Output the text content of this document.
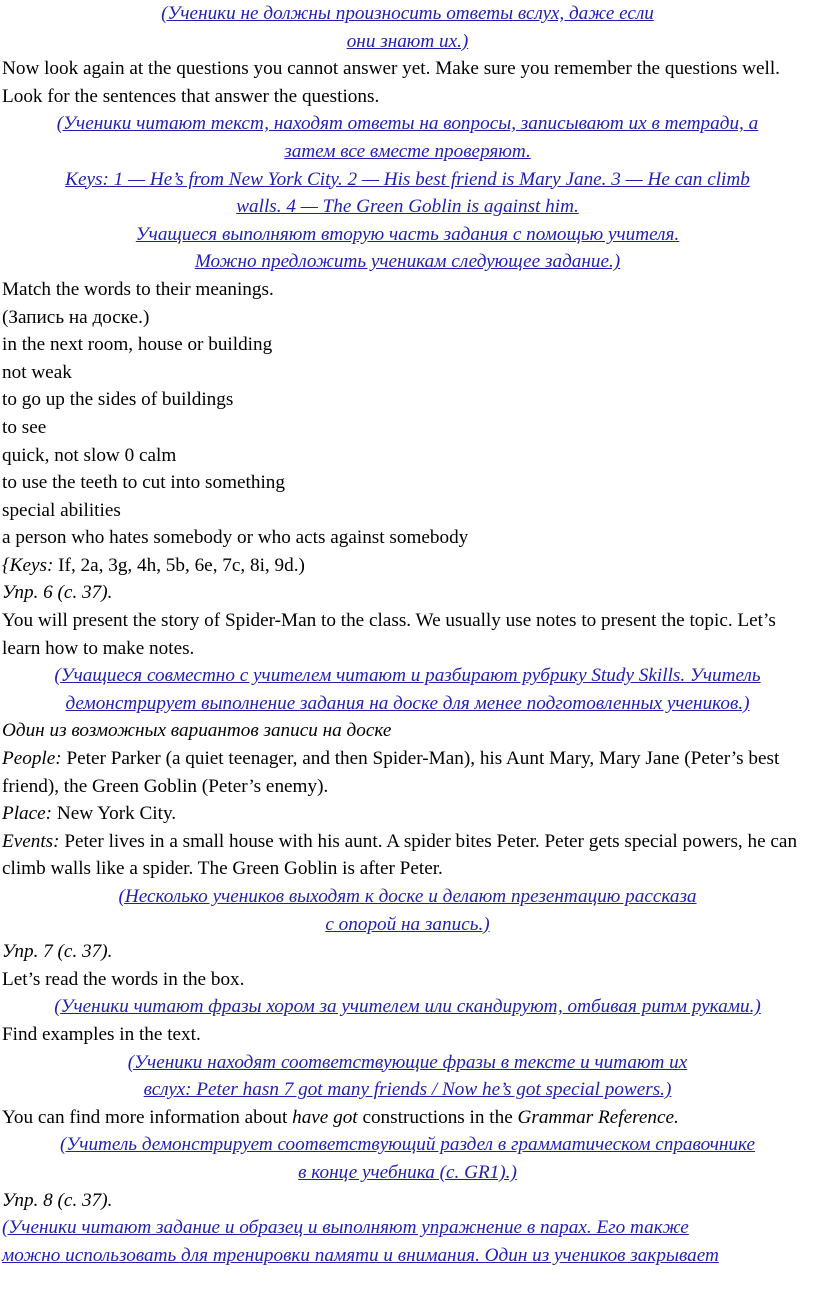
(Ученики не должны произносить ответы вслух, даже если
они знают их.)

Now look again at the questions you cannot answer yet. Make sure you remember the questions well. Look for the sentences that answer the questions.

(Ученики читают текст, находят ответы на вопросы, записывают их в тетради, а
затем все вместе проверяют.

Keys: 1 — He’s from New York City. 2 — His best friend is Mary Jane. 3 — He can climb
walls. 4 — The Green Goblin is against him.

Учащиеся выполняют вторую часть задания с помощью учителя.
Можно предложить ученикам следующее задание.)

Match the words to their meanings.

(Запись на доске.)

in the next room, house or building

not weak

to go up the sides of buildings

to see

quick, not slow 0 calm

to use the teeth to cut into something

special abilities

a person who hates somebody or who acts against somebody

{Keys: If, 2a, 3g, 4h, 5b, 6e, 7c, 8i, 9d.)

Упр. 6 (с. 37).

You will present the story of Spider-Man to the class. We usually use notes to present the topic. Let’s learn how to make notes.

(Учащиеся совместно с учителем читают и разбирают рубрику Study Skills. Учитель
демонстрирует выполнение задания на доске для менее подготовленных учеников.)

Один из возможных вариантов записи на доске

People: Peter Parker (a quiet teenager, and then Spider-Man), his Aunt Mary, Mary Jane (Peter’s best friend), the Green Goblin (Peter’s enemy).

Place: New York City.

Events: Peter lives in a small house with his aunt. A spider bites Peter. Peter gets special powers, he can climb walls like a spider. The Green Goblin is after Peter.

(Несколько учеников выходят к доске и делают презентацию рассказа
с опорой на запись.)

Упр. 7 (с. 37).

Let’s read the words in the box.

(Ученики читают фразы хором за учителем или скандируют, отбивая ритм руками.)

Find examples in the text.

(Ученики находят соответствующие фразы в тексте и читают их
вслух: Peter hasn 7 got many friends / Now he’s got special powers.)

You can find more information about have got constructions in the Grammar Reference.

(Учитель демонстрирует соответствующий раздел в грамматическом справочнике
в конце учебника (с. GR1).)

Упр. 8 (с. 37).

(Ученики читают задание и образец и выполняют упражнение в парах. Его также
можно использовать для тренировки памяти и внимания. Один из учеников закрывает
